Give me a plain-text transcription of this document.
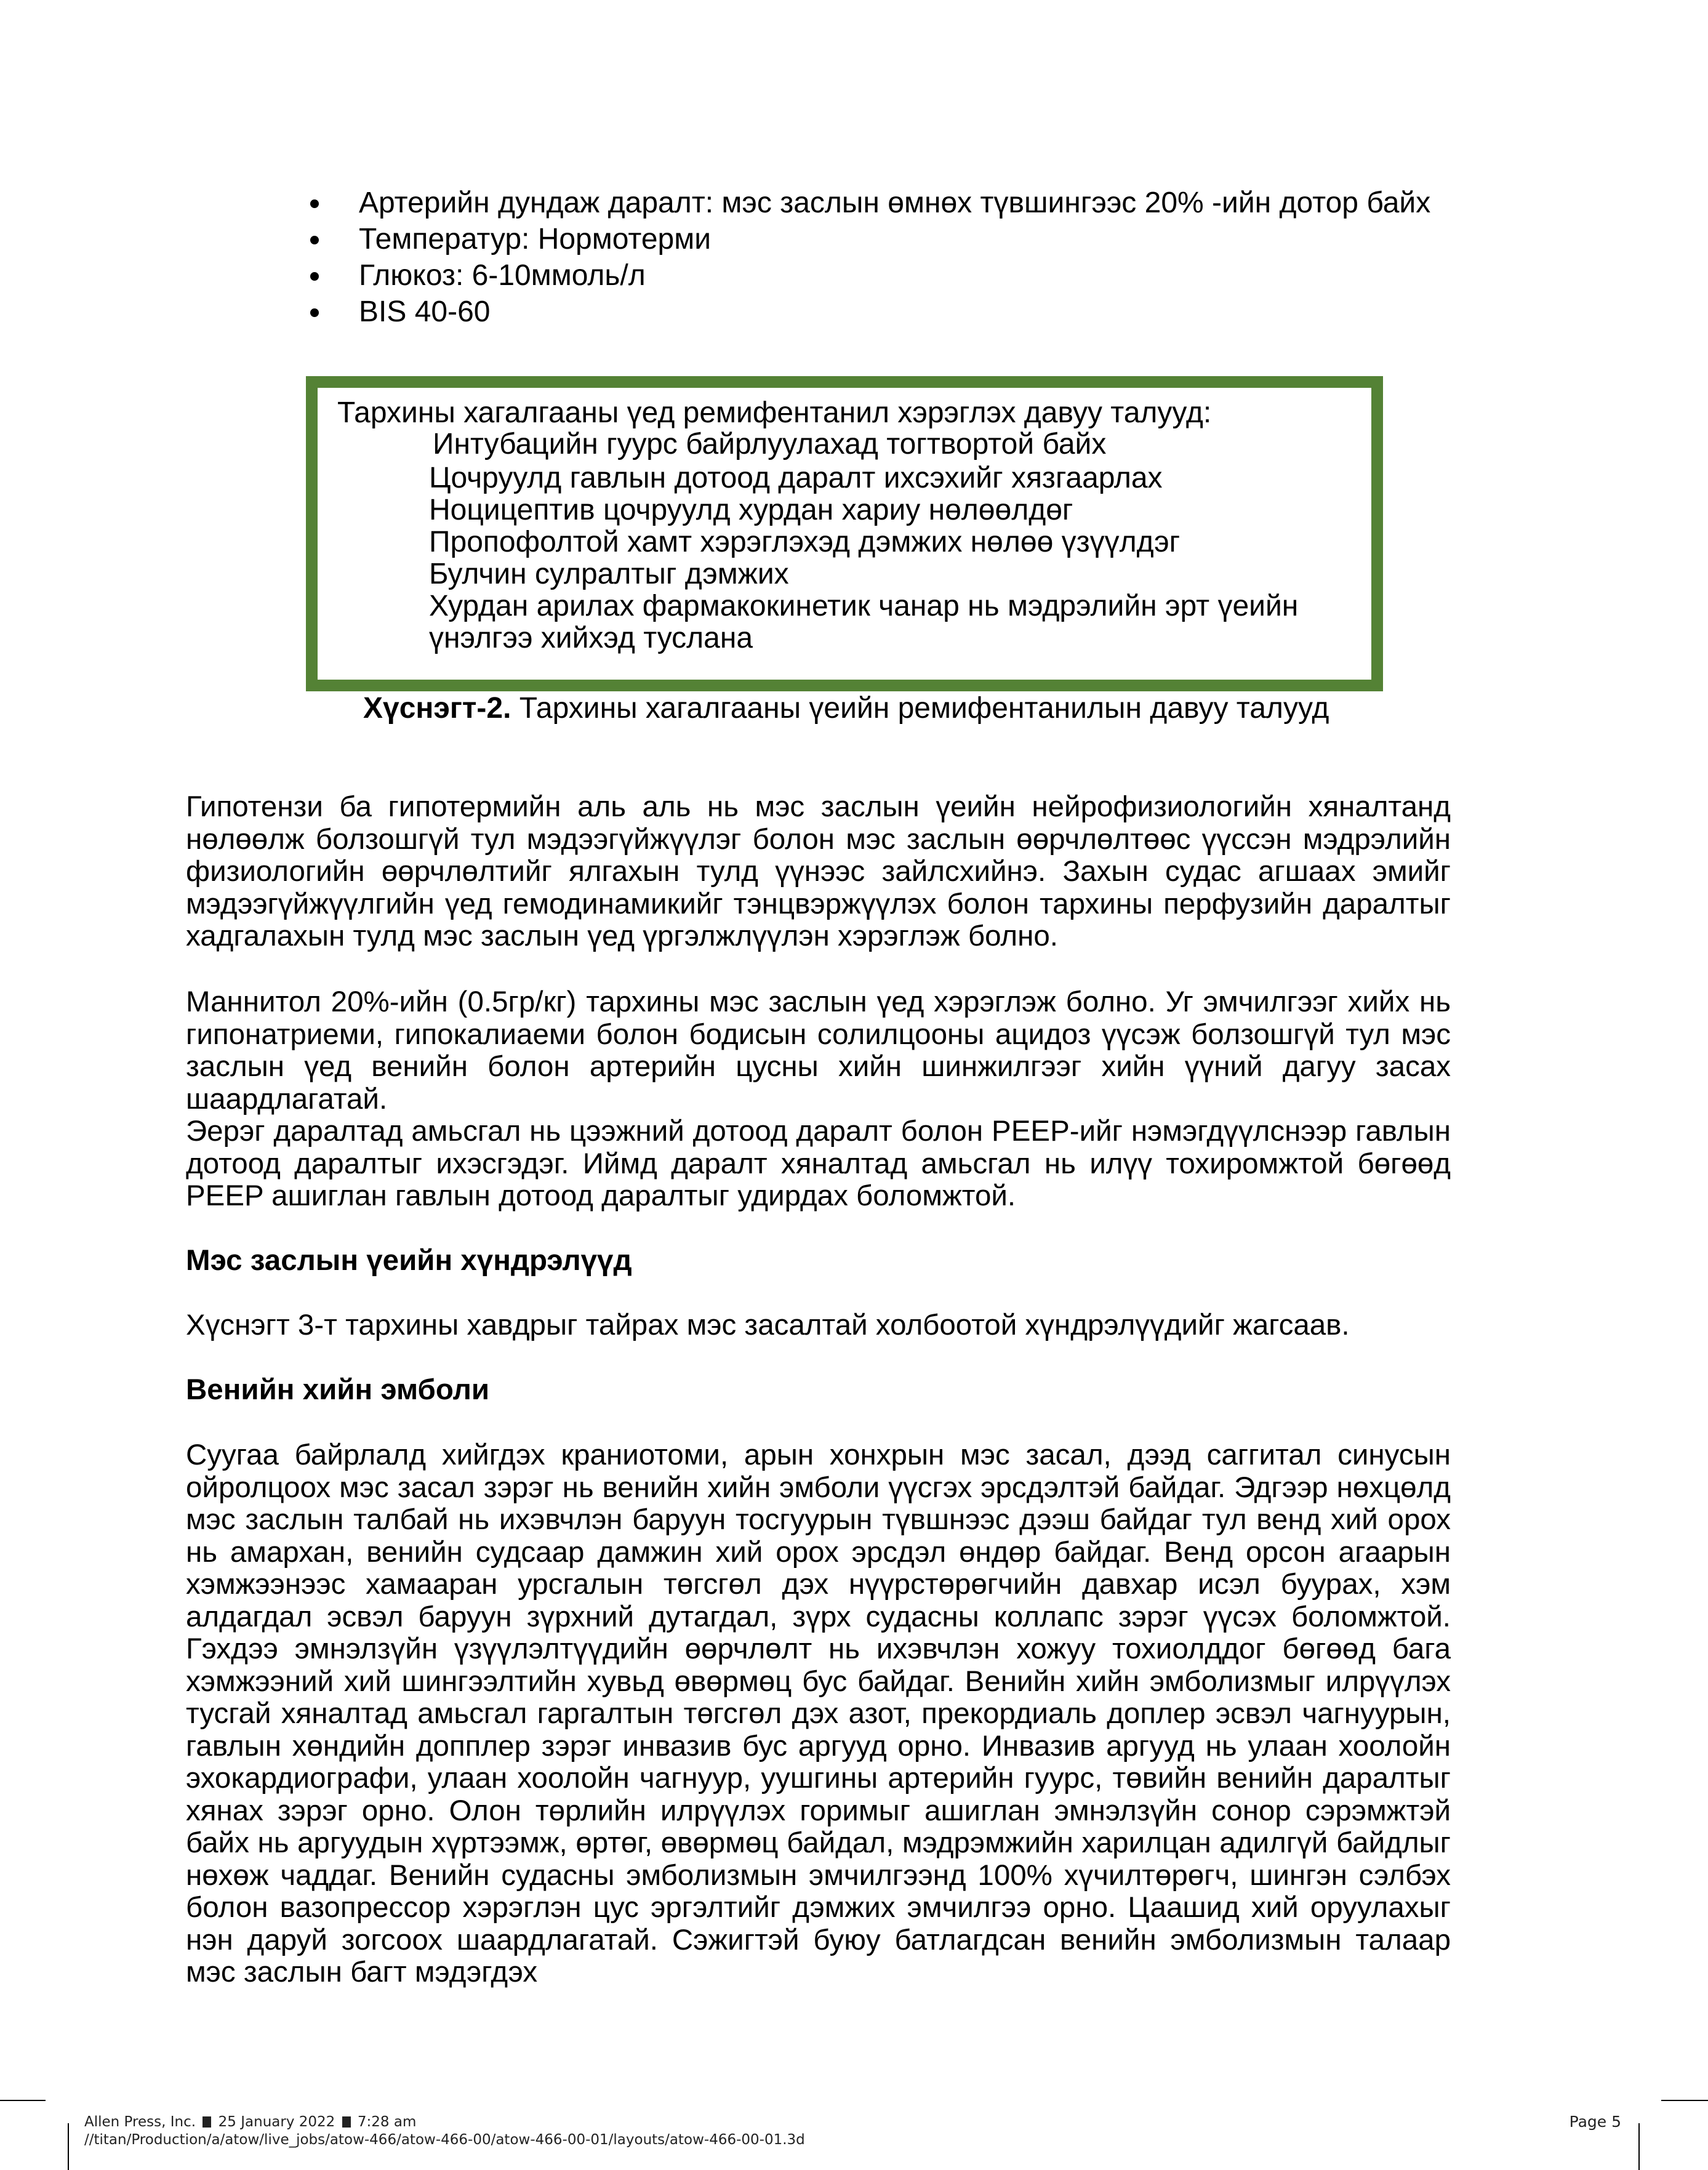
Артерийн дундаж даралт: мэс заслын өмнөх түвшингээс 20% -ийн дотор байх
Температур: Нормотерми
Глюкоз: 6-10ммоль/л
BIS 40-60
Тархины хагалгааны үед ремифентанил хэрэглэх давуу талууд:
Интубацийн гуурс байрлуулахад тогтвортой байх
Цочруулд гавлын дотоод даралт ихсэхийг хязгаарлах
Ноцицептив цочруулд хурдан хариу нөлөөлдөг
Пропофолтой хамт хэрэглэхэд дэмжих нөлөө үзүүлдэг
Булчин сулралтыг дэмжих
Хурдан арилах фармакокинетик чанар нь мэдрэлийн эрт үеийн
үнэлгээ хийхэд туслана
Хүснэгт-2. Тархины хагалгааны үеийн ремифентанилын давуу талууд

Гипотензи ба гипотермийн аль аль нь мэс заслын үеийн нейрофизиологийн хяналтанд нөлөөлж болзошгүй тул мэдээгүйжүүлэг болон мэс заслын өөрчлөлтөөс үүссэн мэдрэлийн физиологийн өөрчлөлтийг ялгахын тулд үүнээс зайлсхийнэ. Захын судас агшаах эмийг мэдээгүйжүүлгийн үед гемодинамикийг тэнцвэржүүлэх болон тархины перфузийн даралтыг хадгалахын тулд мэс заслын үед үргэлжлүүлэн хэрэглэж болно.

Маннитол 20%-ийн (0.5гр/кг) тархины мэс заслын үед хэрэглэж болно. Уг эмчилгээг хийх нь гипонатриеми, гипокалиаеми болон бодисын солилцооны ацидоз үүсэж болзошгүй тул мэс заслын үед венийн болон артерийн цусны хийн шинжилгээг хийн үүний дагуу засах шаардлагатай.

Эерэг даралтад амьсгал нь цээжний дотоод даралт болон PEEP-ийг нэмэгдүүлснээр гавлын дотоод даралтыг ихэсгэдэг. Иймд даралт хяналтад амьсгал нь илүү тохиромжтой бөгөөд PEEP ашиглан гавлын дотоод даралтыг удирдах боломжтой.

Мэс заслын үеийн хүндрэлүүд

Хүснэгт 3-т тархины хавдрыг тайрах мэс засалтай холбоотой хүндрэлүүдийг жагсаав.

Венийн хийн эмболи

Суугаа байрлалд хийгдэх краниотоми, арын хонхрын мэс засал, дээд саггитал синусын ойролцоох мэс засал зэрэг нь венийн хийн эмболи үүсгэх эрсдэлтэй байдаг. Эдгээр нөхцөлд мэс заслын талбай нь ихэвчлэн баруун тосгуурын түвшнээс дээш байдаг тул венд хий орох нь амархан, венийн судсаар дамжин хий орох эрсдэл өндөр байдаг. Венд орсон агаарын хэмжээнээс хамааран урсгалын төгсгөл дэх нүүрстөрөгчийн давхар исэл буурах, хэм алдагдал эсвэл баруун зүрхний дутагдал, зүрх судасны коллапс зэрэг үүсэх боломжтой. Гэхдээ эмнэлзүйн үзүүлэлтүүдийн өөрчлөлт нь ихэвчлэн хожуу тохиолддог бөгөөд бага хэмжээний хий шингээлтийн хувьд өвөрмөц бус байдаг. Венийн хийн эмболизмыг илрүүлэх тусгай хяналтад амьсгал гаргалтын төгсгөл дэх азот, прекордиаль доплер эсвэл чагнуурын, гавлын хөндийн допплер зэрэг инвазив бус аргууд орно. Инвазив аргууд нь улаан хоолойн эхокардиографи, улаан хоолойн чагнуур, уушгины артерийн гуурс, төвийн венийн даралтыг хянах зэрэг орно. Олон төрлийн илрүүлэх горимыг ашиглан эмнэлзүйн сонор сэрэмжтэй байх нь аргуудын хүртээмж, өртөг, өвөрмөц байдал, мэдрэмжийн харилцан адилгүй байдлыг нөхөж чаддаг. Венийн судасны эмболизмын эмчилгээнд 100% хүчилтөрөгч, шингэн сэлбэх болон вазопрессор хэрэглэн цус эргэлтийг дэмжих эмчилгээ орно. Цаашид хий оруулахыг нэн даруй зогсоох шаардлагатай. Сэжигтэй буюу батлагдсан венийн эмболизмын талаар мэс заслын багт мэдэгдэх

Allen Press, Inc. 25 January 2022 7:28 am
//titan/Production/a/atow/live_jobs/atow-466/atow-466-00/atow-466-00-01/layouts/atow-466-00-01.3d
Page 5
